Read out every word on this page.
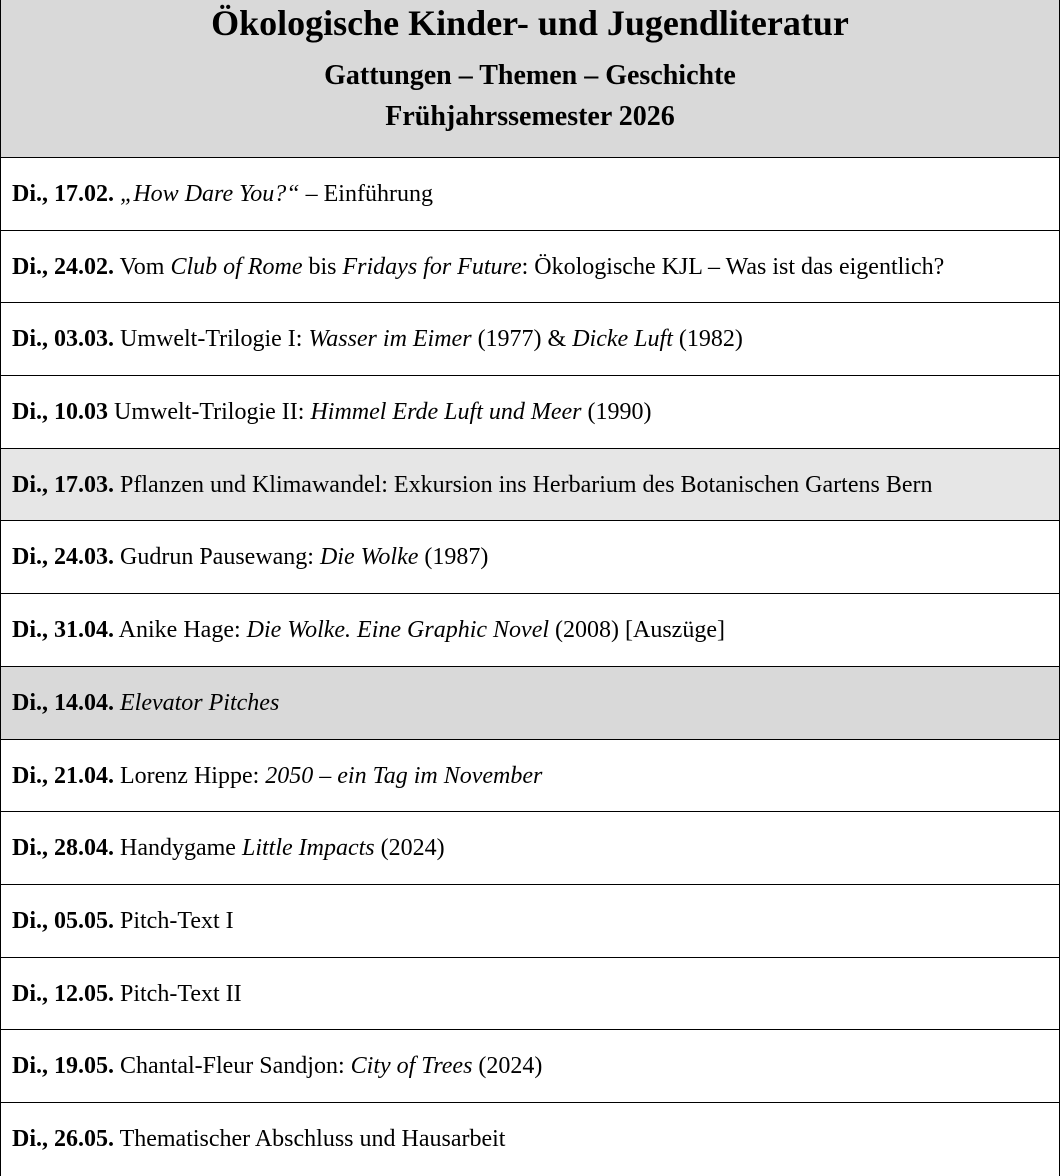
Ökologische Kinder- und Jugendliteratur
Gattungen – Themen – Geschichte
Frühjahrssemester 2026
Di., 17.02. „How Dare You?“ – Einführung
Di., 24.02. Vom Club of Rome bis Fridays for Future: Ökologische KJL – Was ist das eigentlich?
Di., 03.03. Umwelt-Trilogie I: Wasser im Eimer (1977) & Dicke Luft (1982)
Di., 10.03 Umwelt-Trilogie II: Himmel Erde Luft und Meer (1990)
Di., 17.03. Pflanzen und Klimawandel: Exkursion ins Herbarium des Botanischen Gartens Bern
Di., 24.03. Gudrun Pausewang: Die Wolke (1987)
Di., 31.04. Anike Hage: Die Wolke. Eine Graphic Novel (2008) [Auszüge]
Di., 14.04. Elevator Pitches
Di., 21.04. Lorenz Hippe: 2050 – ein Tag im November
Di., 28.04. Handygame Little Impacts (2024)
Di., 05.05. Pitch-Text I
Di., 12.05. Pitch-Text II
Di., 19.05. Chantal-Fleur Sandjon: City of Trees (2024)
Di., 26.05. Thematischer Abschluss und Hausarbeit
